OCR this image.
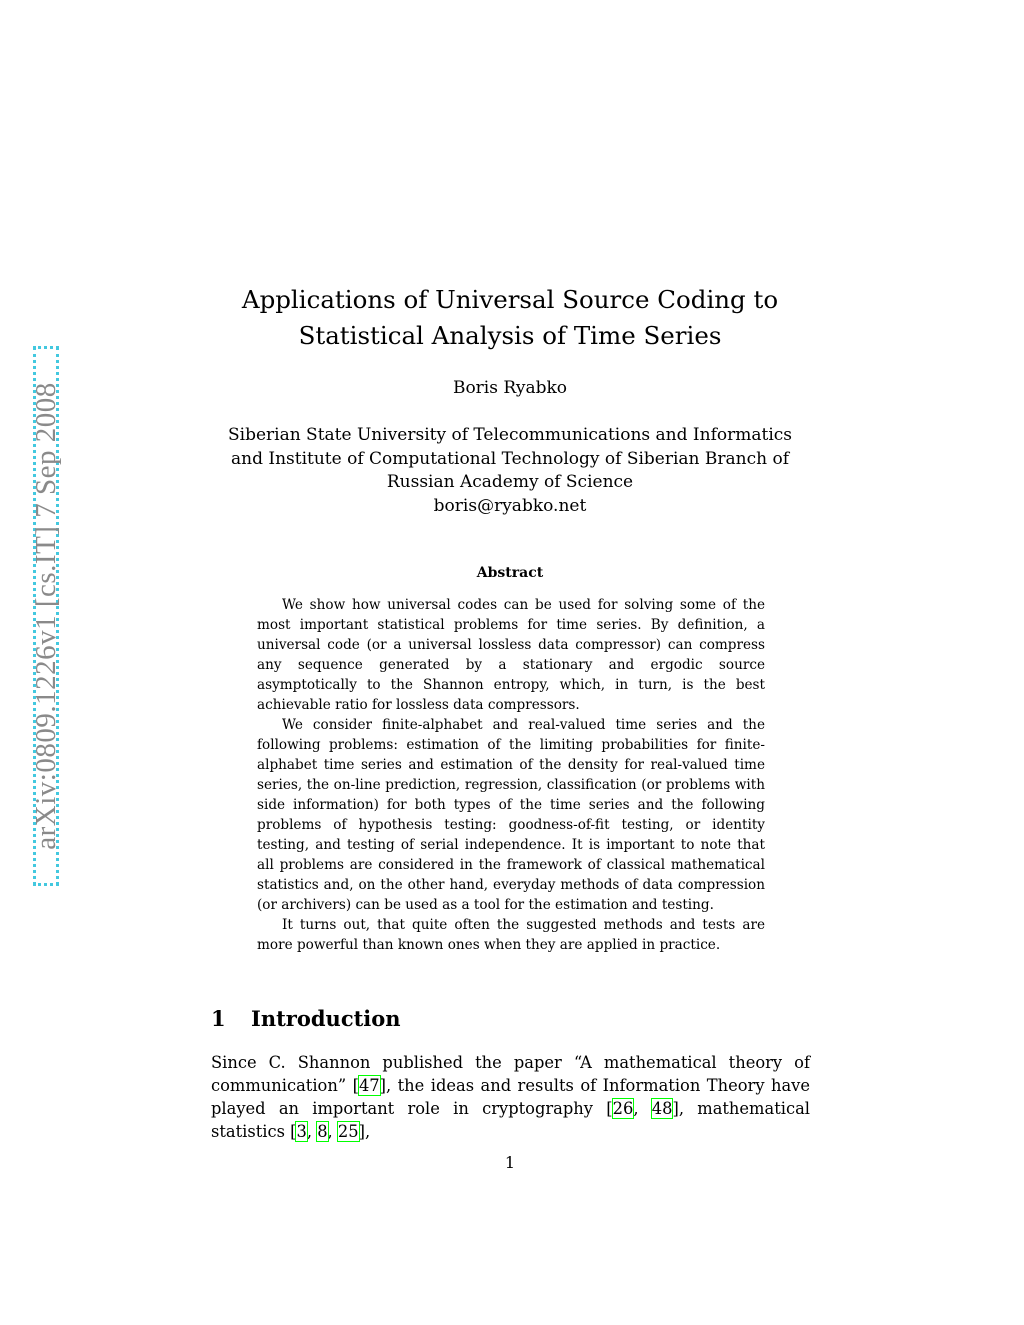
arXiv:0809.1226v1 [cs.IT] 7 Sep 2008
Applications of Universal Source Coding to
Statistical Analysis of Time Series
Boris Ryabko
Siberian State University of Telecommunications and Informatics
and Institute of Computational Technology of Siberian Branch of
Russian Academy of Science
boris@ryabko.net
Abstract

We show how universal codes can be used for solving some of the most important statistical problems for time series. By definition, a universal code (or a universal lossless data compressor) can compress any sequence generated by a stationary and ergodic source asymptotically to the Shannon entropy, which, in turn, is the best achievable ratio for lossless data compressors.

We consider finite-alphabet and real-valued time series and the following problems: estimation of the limiting probabilities for finite-alphabet time series and estimation of the density for real-valued time series, the on-line prediction, regression, classification (or problems with side information) for both types of the time series and the following problems of hypothesis testing: goodness-of-fit testing, or identity testing, and testing of serial independence. It is important to note that all problems are considered in the framework of classical mathematical statistics and, on the other hand, everyday methods of data compression (or archivers) can be used as a tool for the estimation and testing.

It turns out, that quite often the suggested methods and tests are more powerful than known ones when they are applied in practice.

1 Introduction

Since C. Shannon published the paper “A mathematical theory of communication” [47], the ideas and results of Information Theory have played an important role in cryptography [26, 48], mathematical statistics [3, 8, 25],

1
